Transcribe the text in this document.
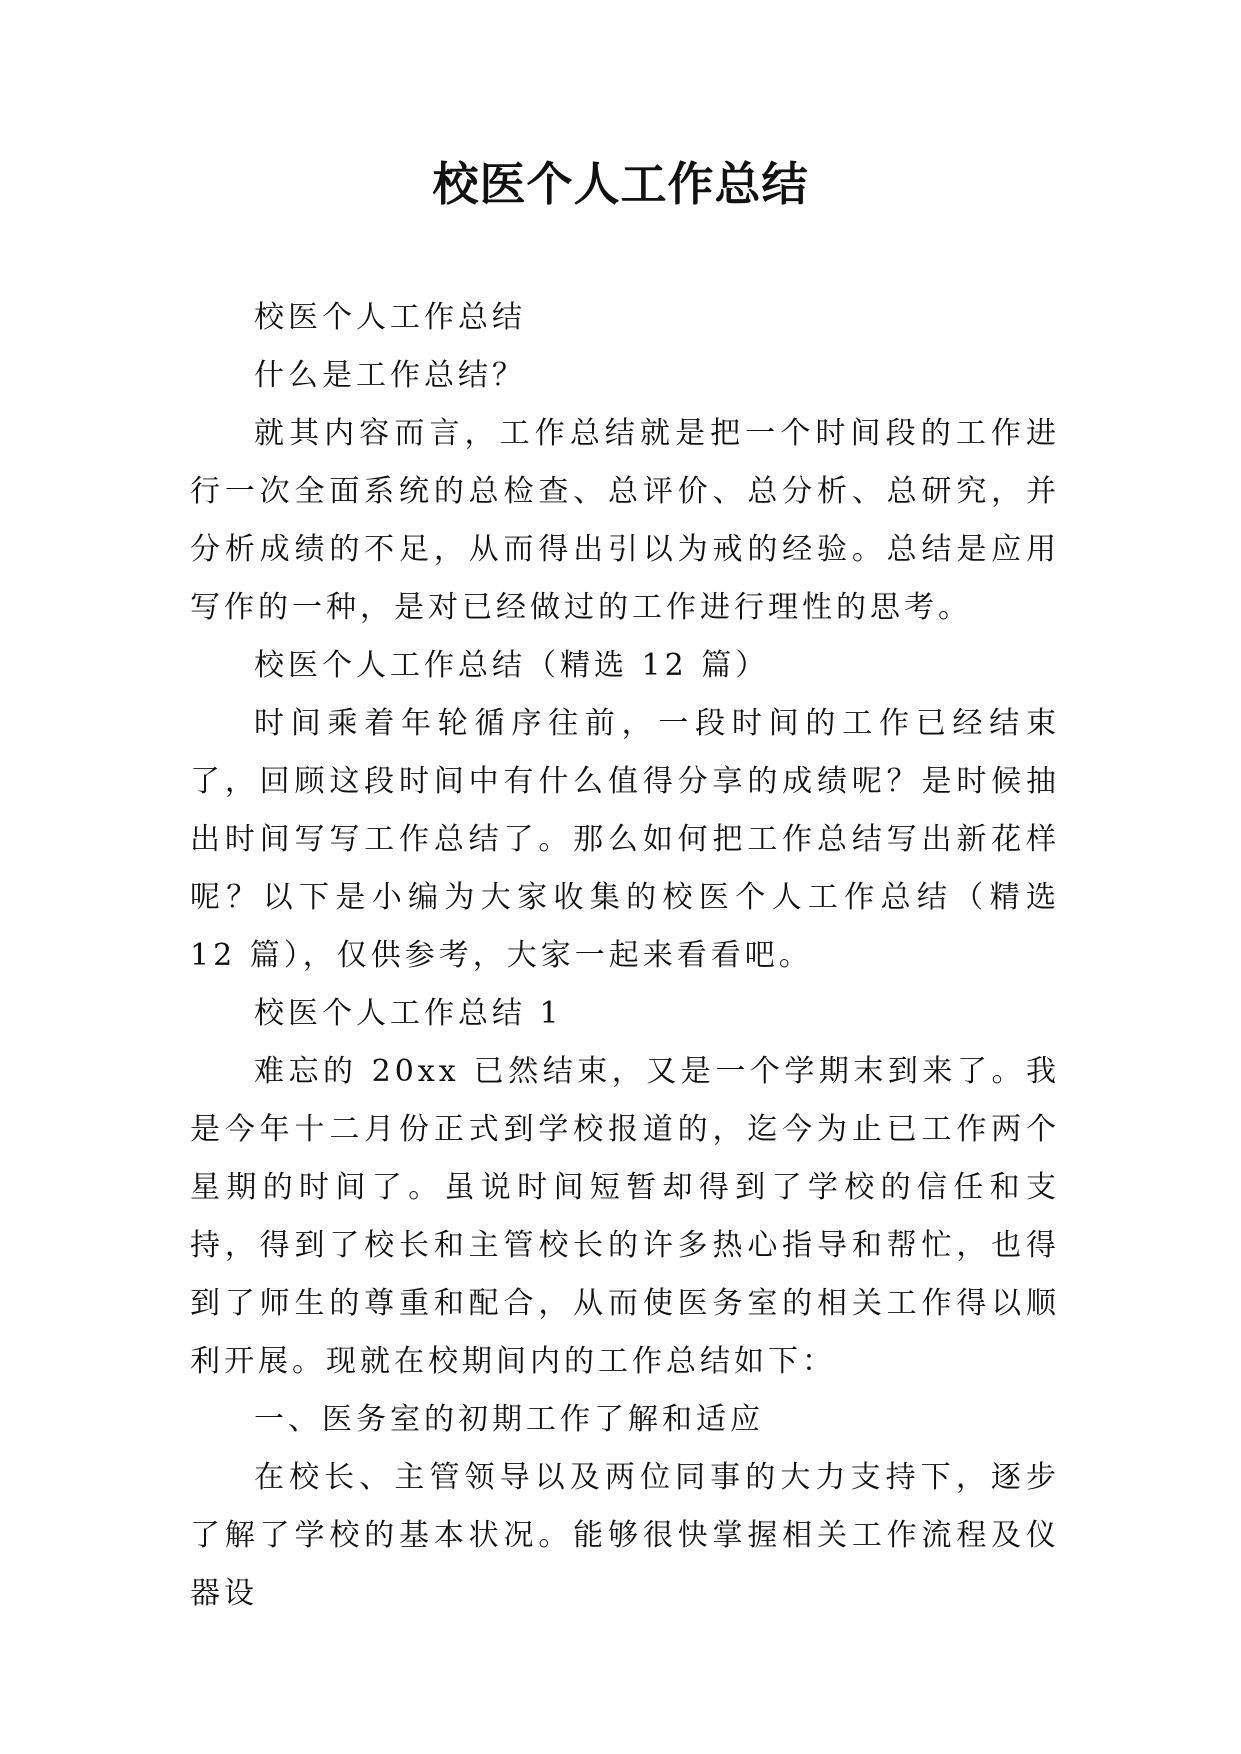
校医个人工作总结

校医个人工作总结

什么是工作总结？

就其内容而言，工作总结就是把一个时间段的工作进行一次全面系统的总检查、总评价、总分析、总研究，并分析成绩的不足，从而得出引以为戒的经验。总结是应用写作的一种，是对已经做过的工作进行理性的思考。

校医个人工作总结（精选 12 篇）

时间乘着年轮循序往前，一段时间的工作已经结束了，回顾这段时间中有什么值得分享的成绩呢？是时候抽出时间写写工作总结了。那么如何把工作总结写出新花样呢？以下是小编为大家收集的校医个人工作总结（精选 12 篇），仅供参考，大家一起来看看吧。

校医个人工作总结 1

难忘的 20xx 已然结束，又是一个学期末到来了。我是今年十二月份正式到学校报道的，迄今为止已工作两个星期的时间了。虽说时间短暂却得到了学校的信任和支持，得到了校长和主管校长的许多热心指导和帮忙，也得到了师生的尊重和配合，从而使医务室的相关工作得以顺利开展。现就在校期间内的工作总结如下：

一、医务室的初期工作了解和适应

在校长、主管领导以及两位同事的大力支持下，逐步了解了学校的基本状况。能够很快掌握相关工作流程及仪器设
